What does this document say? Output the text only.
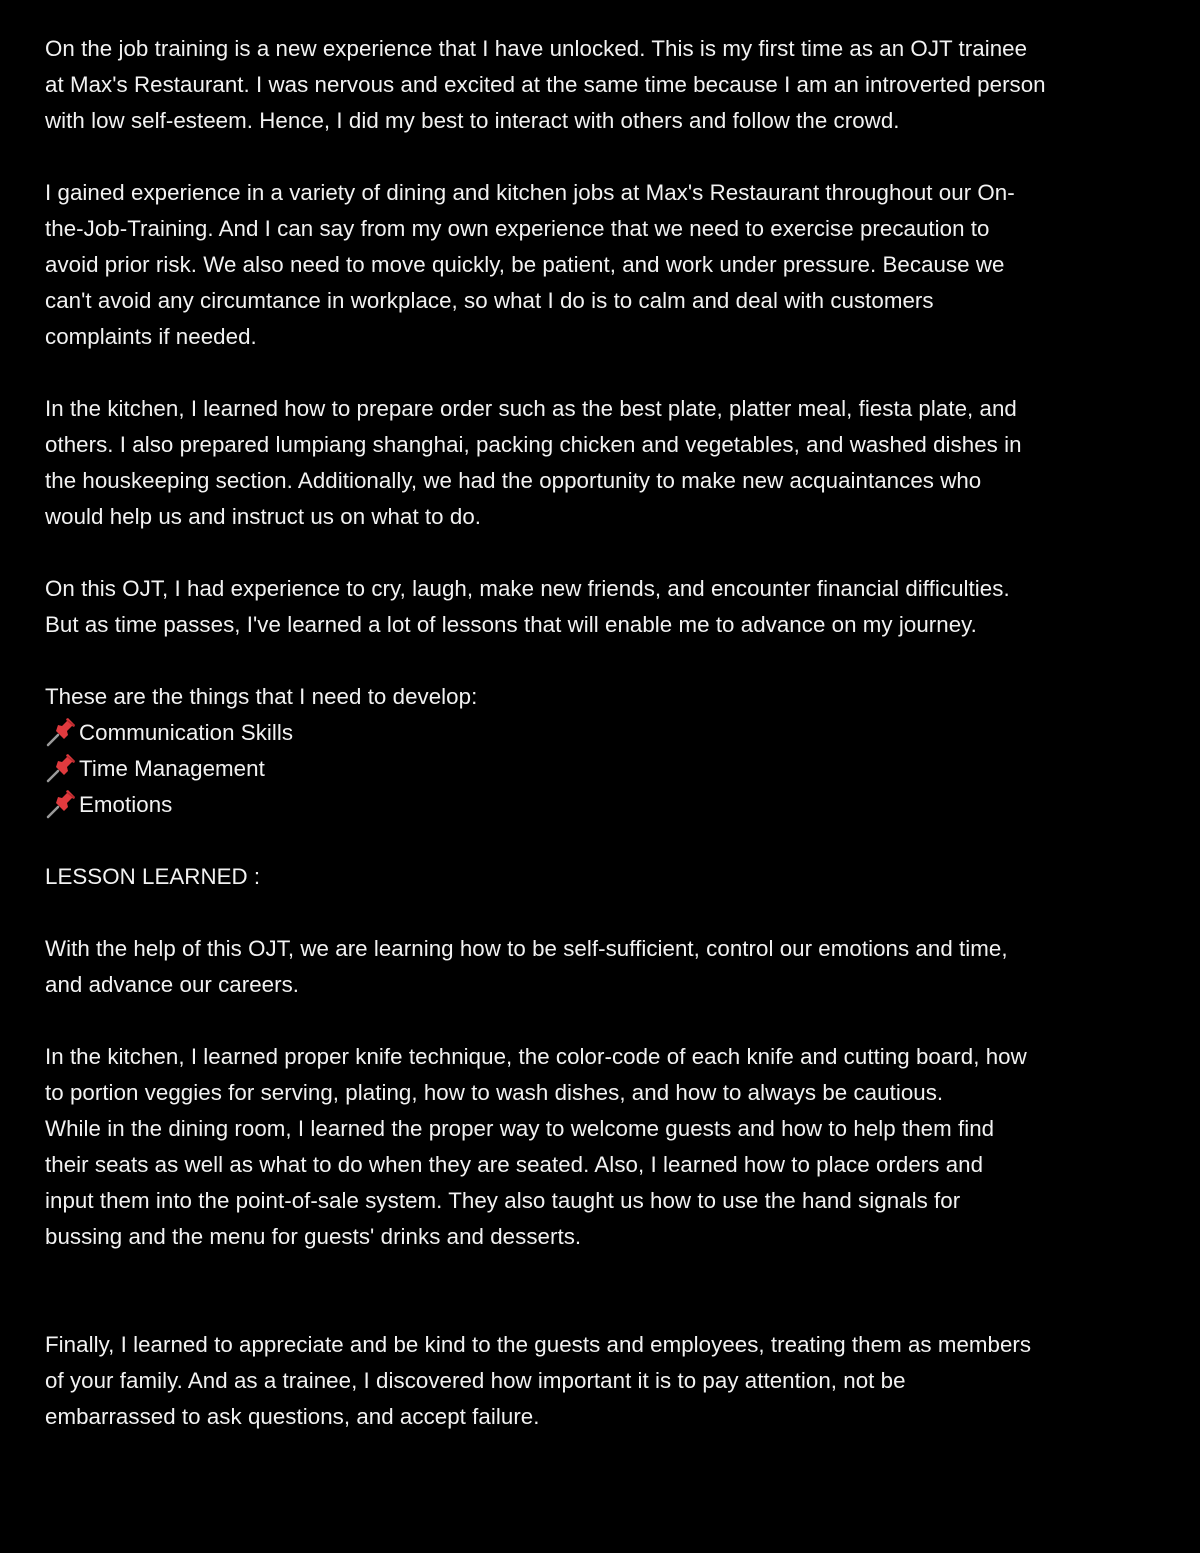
On the job training is a new experience that I have unlocked. This is my first time as an OJT trainee
at Max's Restaurant. I was nervous and excited at the same time because I am an introverted person
with low self-esteem. Hence, I did my best to interact with others and follow the crowd.

I gained experience in a variety of dining and kitchen jobs at Max's Restaurant throughout our On-
the-Job-Training. And I can say from my own experience that we need to exercise precaution to
avoid prior risk. We also need to move quickly, be patient, and work under pressure. Because we
can't avoid any circumtance in workplace, so what I do is to calm and deal with customers
complaints if needed.

In the kitchen, I learned how to prepare order such as the best plate, platter meal, fiesta plate, and
others. I also prepared lumpiang shanghai, packing chicken and vegetables, and washed dishes in
the houskeeping section. Additionally, we had the opportunity to make new acquaintances who
would help us and instruct us on what to do.

On this OJT, I had experience to cry, laugh, make new friends, and encounter financial difficulties.
But as time passes, I've learned a lot of lessons that will enable me to advance on my journey.

These are the things that I need to develop:

Communication Skills
Time Management
Emotions

LESSON LEARNED :

With the help of this OJT, we are learning how to be self-sufficient, control our emotions and time,
and advance our careers.

In the kitchen, I learned proper knife technique, the color-code of each knife and cutting board, how
to portion veggies for serving, plating, how to wash dishes, and how to always be cautious.
While in the dining room, I learned the proper way to welcome guests and how to help them find
their seats as well as what to do when they are seated. Also, I learned how to place orders and
input them into the point-of-sale system. They also taught us how to use the hand signals for
bussing and the menu for guests' drinks and desserts.

Finally, I learned to appreciate and be kind to the guests and employees, treating them as members
of your family. And as a trainee, I discovered how important it is to pay attention, not be
embarrassed to ask questions, and accept failure.
